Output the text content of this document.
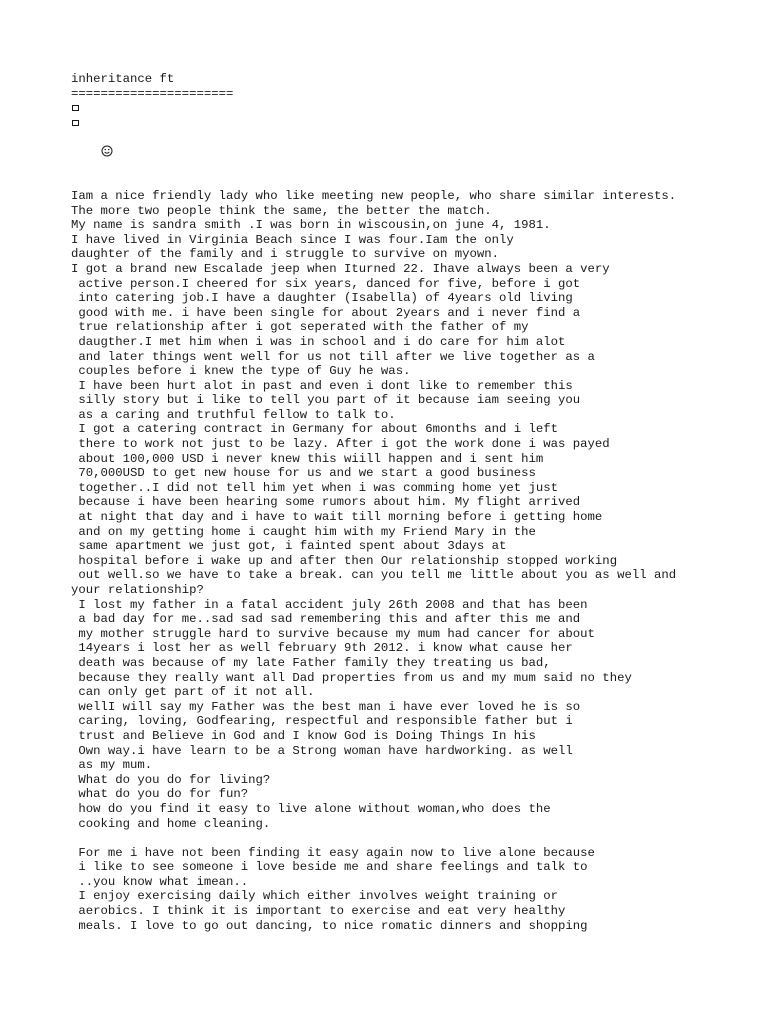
inheritance ft
======================

Iam a nice friendly lady who like meeting new people, who share similar interests.
The more two people think the same, the better the match.
My name is sandra smith .I was born in wiscousin,on june 4, 1981.
I have lived in Virginia Beach since I was four.Iam the only
daughter of the family and i struggle to survive on myown.
I got a brand new Escalade jeep when Iturned 22. Ihave always been a very
active person.I cheered for six years, danced for five, before i got
into catering job.I have a daughter (Isabella) of 4years old living
good with me. i have been single for about 2years and i never find a
true relationship after i got seperated with the father of my
daugther.I met him when i was in school and i do care for him alot
and later things went well for us not till after we live together as a
couples before i knew the type of Guy he was.
I have been hurt alot in past and even i dont like to remember this
silly story but i like to tell you part of it because iam seeing you
as a caring and truthful fellow to talk to.
I got a catering contract in Germany for about 6months and i left
there to work not just to be lazy. After i got the work done i was payed
about 100,000 USD i never knew this wiill happen and i sent him
70,000USD to get new house for us and we start a good business
together..I did not tell him yet when i was comming home yet just
because i have been hearing some rumors about him. My flight arrived
at night that day and i have to wait till morning before i getting home
and on my getting home i caught him with my Friend Mary in the
same apartment we just got, i fainted spent about 3days at
hospital before i wake up and after then Our relationship stopped working
out well.so we have to take a break. can you tell me little about you as well and
your relationship?
I lost my father in a fatal accident july 26th 2008 and that has been
a bad day for me..sad sad sad remembering this and after this me and
my mother struggle hard to survive because my mum had cancer for about
14years i lost her as well february 9th 2012. i know what cause her
death was because of my late Father family they treating us bad,
because they really want all Dad properties from us and my mum said no they
can only get part of it not all.
wellI will say my Father was the best man i have ever loved he is so
caring, loving, Godfearing, respectful and responsible father but i
trust and Believe in God and I know God is Doing Things In his
Own way.i have learn to be a Strong woman have hardworking. as well
as my mum.
What do you do for living?
what do you do for fun?
how do you find it easy to live alone without woman,who does the
cooking and home cleaning.
For me i have not been finding it easy again now to live alone because
i like to see someone i love beside me and share feelings and talk to
..you know what imean..
I enjoy exercising daily which either involves weight training or
aerobics. I think it is important to exercise and eat very healthy
meals. I love to go out dancing, to nice romatic dinners and shopping
